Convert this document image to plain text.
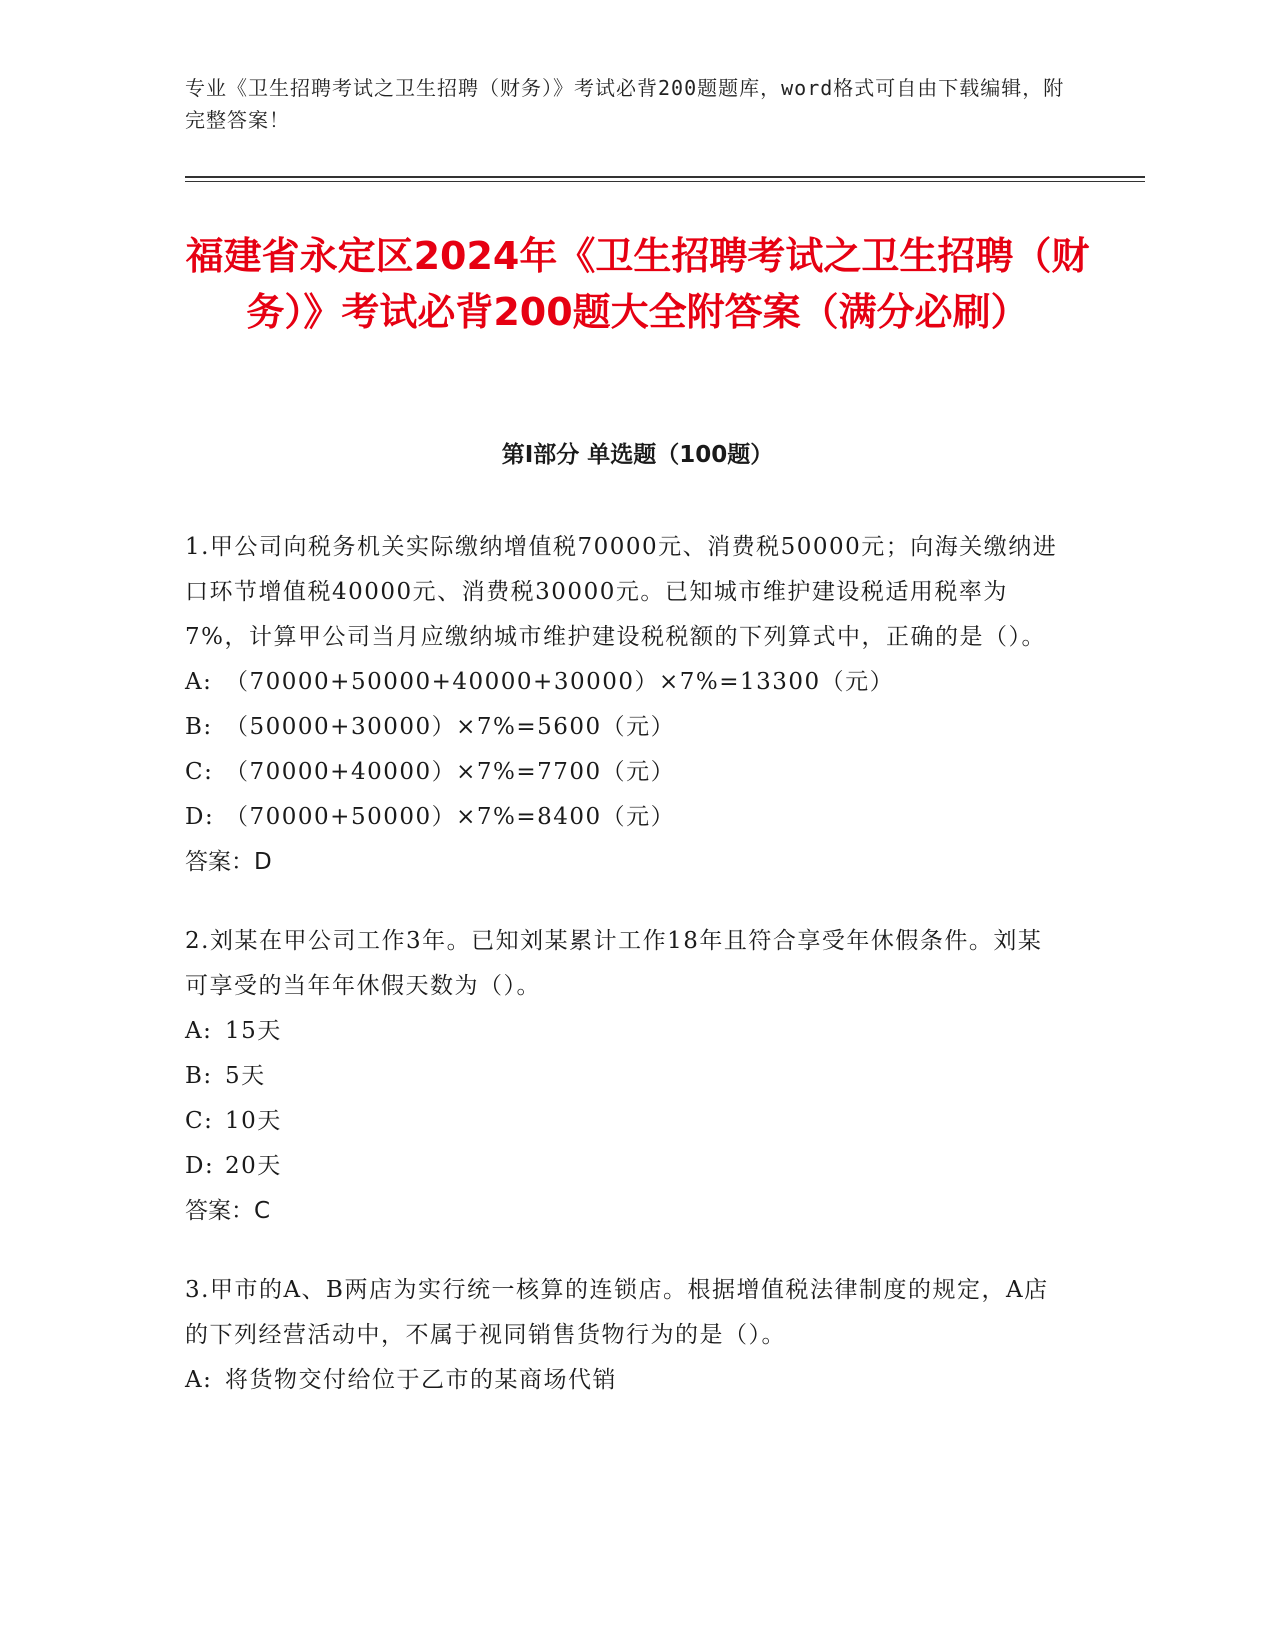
专业《卫生招聘考试之卫生招聘（财务）》考试必背200题题库，word格式可自由下载编辑，附完整答案！
福建省永定区2024年《卫生招聘考试之卫生招聘（财务）》考试必背200题大全附答案（满分必刷）
第Ⅰ部分 单选题（100题）
1.甲公司向税务机关实际缴纳增值税70000元、消费税50000元；向海关缴纳进口环节增值税40000元、消费税30000元。已知城市维护建设税适用税率为7%，计算甲公司当月应缴纳城市维护建设税税额的下列算式中，正确的是（）。
A: （70000+50000+40000+30000）×7%=13300（元）
B: （50000+30000）×7%=5600（元）
C: （70000+40000）×7%=7700（元）
D: （70000+50000）×7%=8400（元）
答案：D
2.刘某在甲公司工作3年。已知刘某累计工作18年且符合享受年休假条件。刘某可享受的当年年休假天数为（）。
A: 15天
B: 5天
C: 10天
D: 20天
答案：C
3.甲市的A、B两店为实行统一核算的连锁店。根据增值税法律制度的规定，A店的下列经营活动中，不属于视同销售货物行为的是（）。
A: 将货物交付给位于乙市的某商场代销
